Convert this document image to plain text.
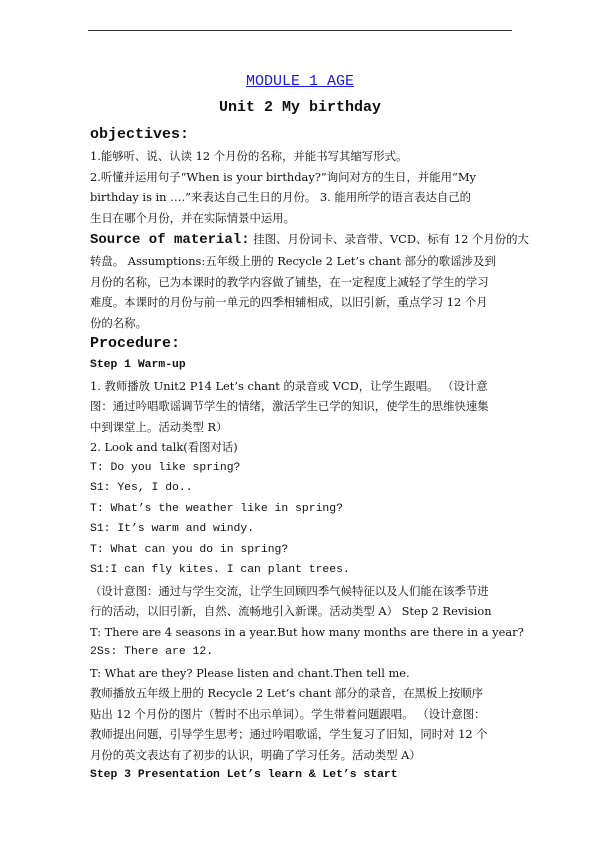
MODULE 1 AGE
Unit 2 My birthday
objectives:
1.能够听、说、认读 12 个月份的名称，并能书写其缩写形式。
2.听懂并运用句子“When is your birthday?”询问对方的生日，并能用“My
birthday is in ….”来表达自己生日的月份。 3. 能用所学的语言表达自己的
生日在哪个月份，并在实际情景中运用。
Source of material: 挂图、月份词卡、录音带、VCD、标有 12 个月份的大
转盘。 Assumptions:五年级上册的 Recycle 2 Let’s chant 部分的歌谣涉及到
月份的名称，已为本课时的教学内容做了铺垫，在一定程度上减轻了学生的学习
难度。本课时的月份与前一单元的四季相辅相成，以旧引新，重点学习 12 个月
份的名称。
Procedure:
Step 1 Warm-up
1. 教师播放 Unit2 P14 Let’s chant 的录音或 VCD，让学生跟唱。 （设计意
图：通过吟唱歌谣调节学生的情绪，激活学生已学的知识，使学生的思维快速集
中到课堂上。活动类型 R）
2. Look and talk(看图对话)
T: Do you like spring?
S1: Yes, I do..
T: What’s the weather like in spring?
S1: It’s warm and windy.
T: What can you do in spring?
S1:I can fly kites. I can plant trees.
（设计意图：通过与学生交流，让学生回顾四季气候特征以及人们能在该季节进
行的活动，以旧引新，自然、流畅地引入新课。活动类型 A） Step 2 Revision
T: There are 4 seasons in a year.But how many months are there in a year?
2Ss: There are 12.
T: What are they? Please listen and chant.Then tell me.
教师播放五年级上册的 Recycle 2 Let’s chant 部分的录音，在黑板上按顺序
贴出 12 个月份的图片（暂时不出示单词）。学生带着问题跟唱。 （设计意图：
教师提出问题，引导学生思考；通过吟唱歌谣，学生复习了旧知，同时对 12 个
月份的英文表达有了初步的认识，明确了学习任务。活动类型 A）
Step 3 Presentation Let’s learn & Let’s start
